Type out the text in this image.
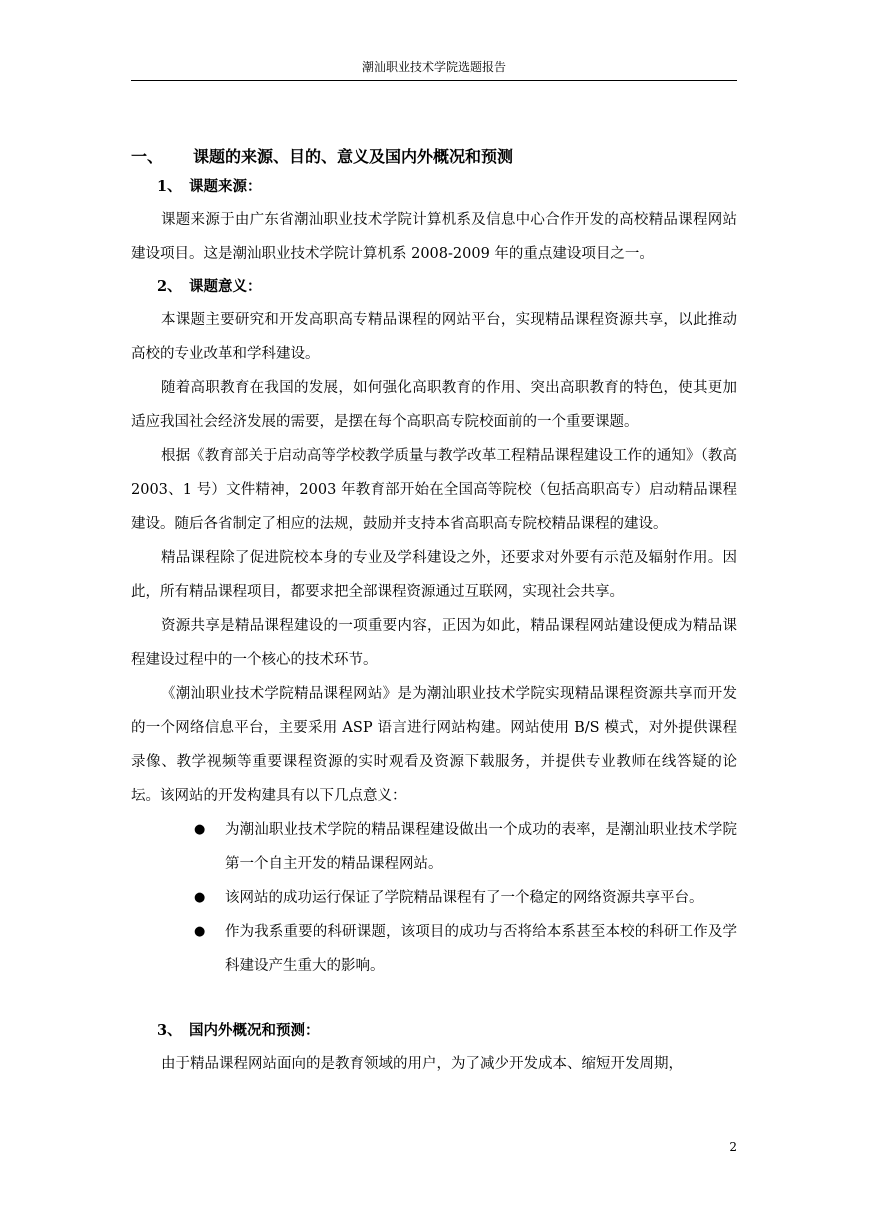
潮汕职业技术学院选题报告
一、 课题的来源、目的、意义及国内外概况和预测
1、 课题来源：

课题来源于由广东省潮汕职业技术学院计算机系及信息中心合作开发的高校精品课程网站建设项目。这是潮汕职业技术学院计算机系 2008-2009 年的重点建设项目之一。

2、 课题意义：

本课题主要研究和开发高职高专精品课程的网站平台，实现精品课程资源共享，以此推动高校的专业改革和学科建设。

随着高职教育在我国的发展，如何强化高职教育的作用、突出高职教育的特色，使其更加适应我国社会经济发展的需要，是摆在每个高职高专院校面前的一个重要课题。

根据《教育部关于启动高等学校教学质量与教学改革工程精品课程建设工作的通知》（教高 2003、1 号）文件精神，2003 年教育部开始在全国高等院校（包括高职高专）启动精品课程建设。随后各省制定了相应的法规，鼓励并支持本省高职高专院校精品课程的建设。

精品课程除了促进院校本身的专业及学科建设之外，还要求对外要有示范及辐射作用。因此，所有精品课程项目，都要求把全部课程资源通过互联网，实现社会共享。

资源共享是精品课程建设的一项重要内容，正因为如此，精品课程网站建设便成为精品课程建设过程中的一个核心的技术环节。

《潮汕职业技术学院精品课程网站》是为潮汕职业技术学院实现精品课程资源共享而开发的一个网络信息平台，主要采用 ASP 语言进行网站构建。网站使用 B/S 模式，对外提供课程录像、教学视频等重要课程资源的实时观看及资源下载服务，并提供专业教师在线答疑的论坛。该网站的开发构建具有以下几点意义：

● 为潮汕职业技术学院的精品课程建设做出一个成功的表率，是潮汕职业技术学院第一个自主开发的精品课程网站。
● 该网站的成功运行保证了学院精品课程有了一个稳定的网络资源共享平台。
● 作为我系重要的科研课题，该项目的成功与否将给本系甚至本校的科研工作及学科建设产生重大的影响。
3、 国内外概况和预测：

由于精品课程网站面向的是教育领域的用户，为了减少开发成本、缩短开发周期，

2
